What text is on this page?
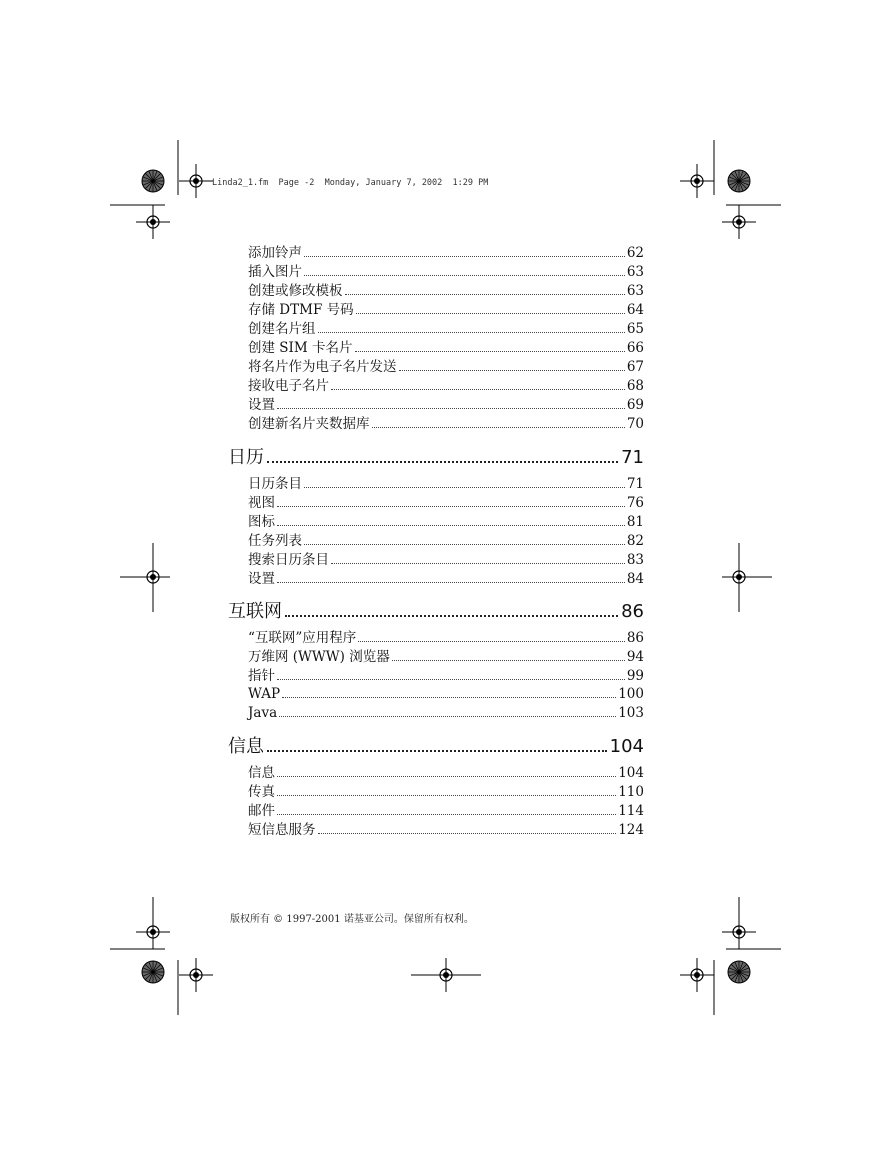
Linda2_1.fm  Page -2  Monday, January 7, 2002  1:29 PM
添加铃声	62
插入图片	63
创建或修改模板	63
存储 DTMF 号码	64
创建名片组	65
创建 SIM 卡名片	66
将名片作为电子名片发送	67
接收电子名片	68
设置	69
创建新名片夹数据库	70
日历	71
日历条目	71
视图	76
图标	81
任务列表	82
搜索日历条目	83
设置	84
互联网	86
“互联网”应用程序	86
万维网 (WWW) 浏览器	94
指针	99
WAP	100
Java	103
信息	104
信息	104
传真	110
邮件	114
短信息服务	124
版权所有 © 1997-2001 诺基亚公司。保留所有权利。
